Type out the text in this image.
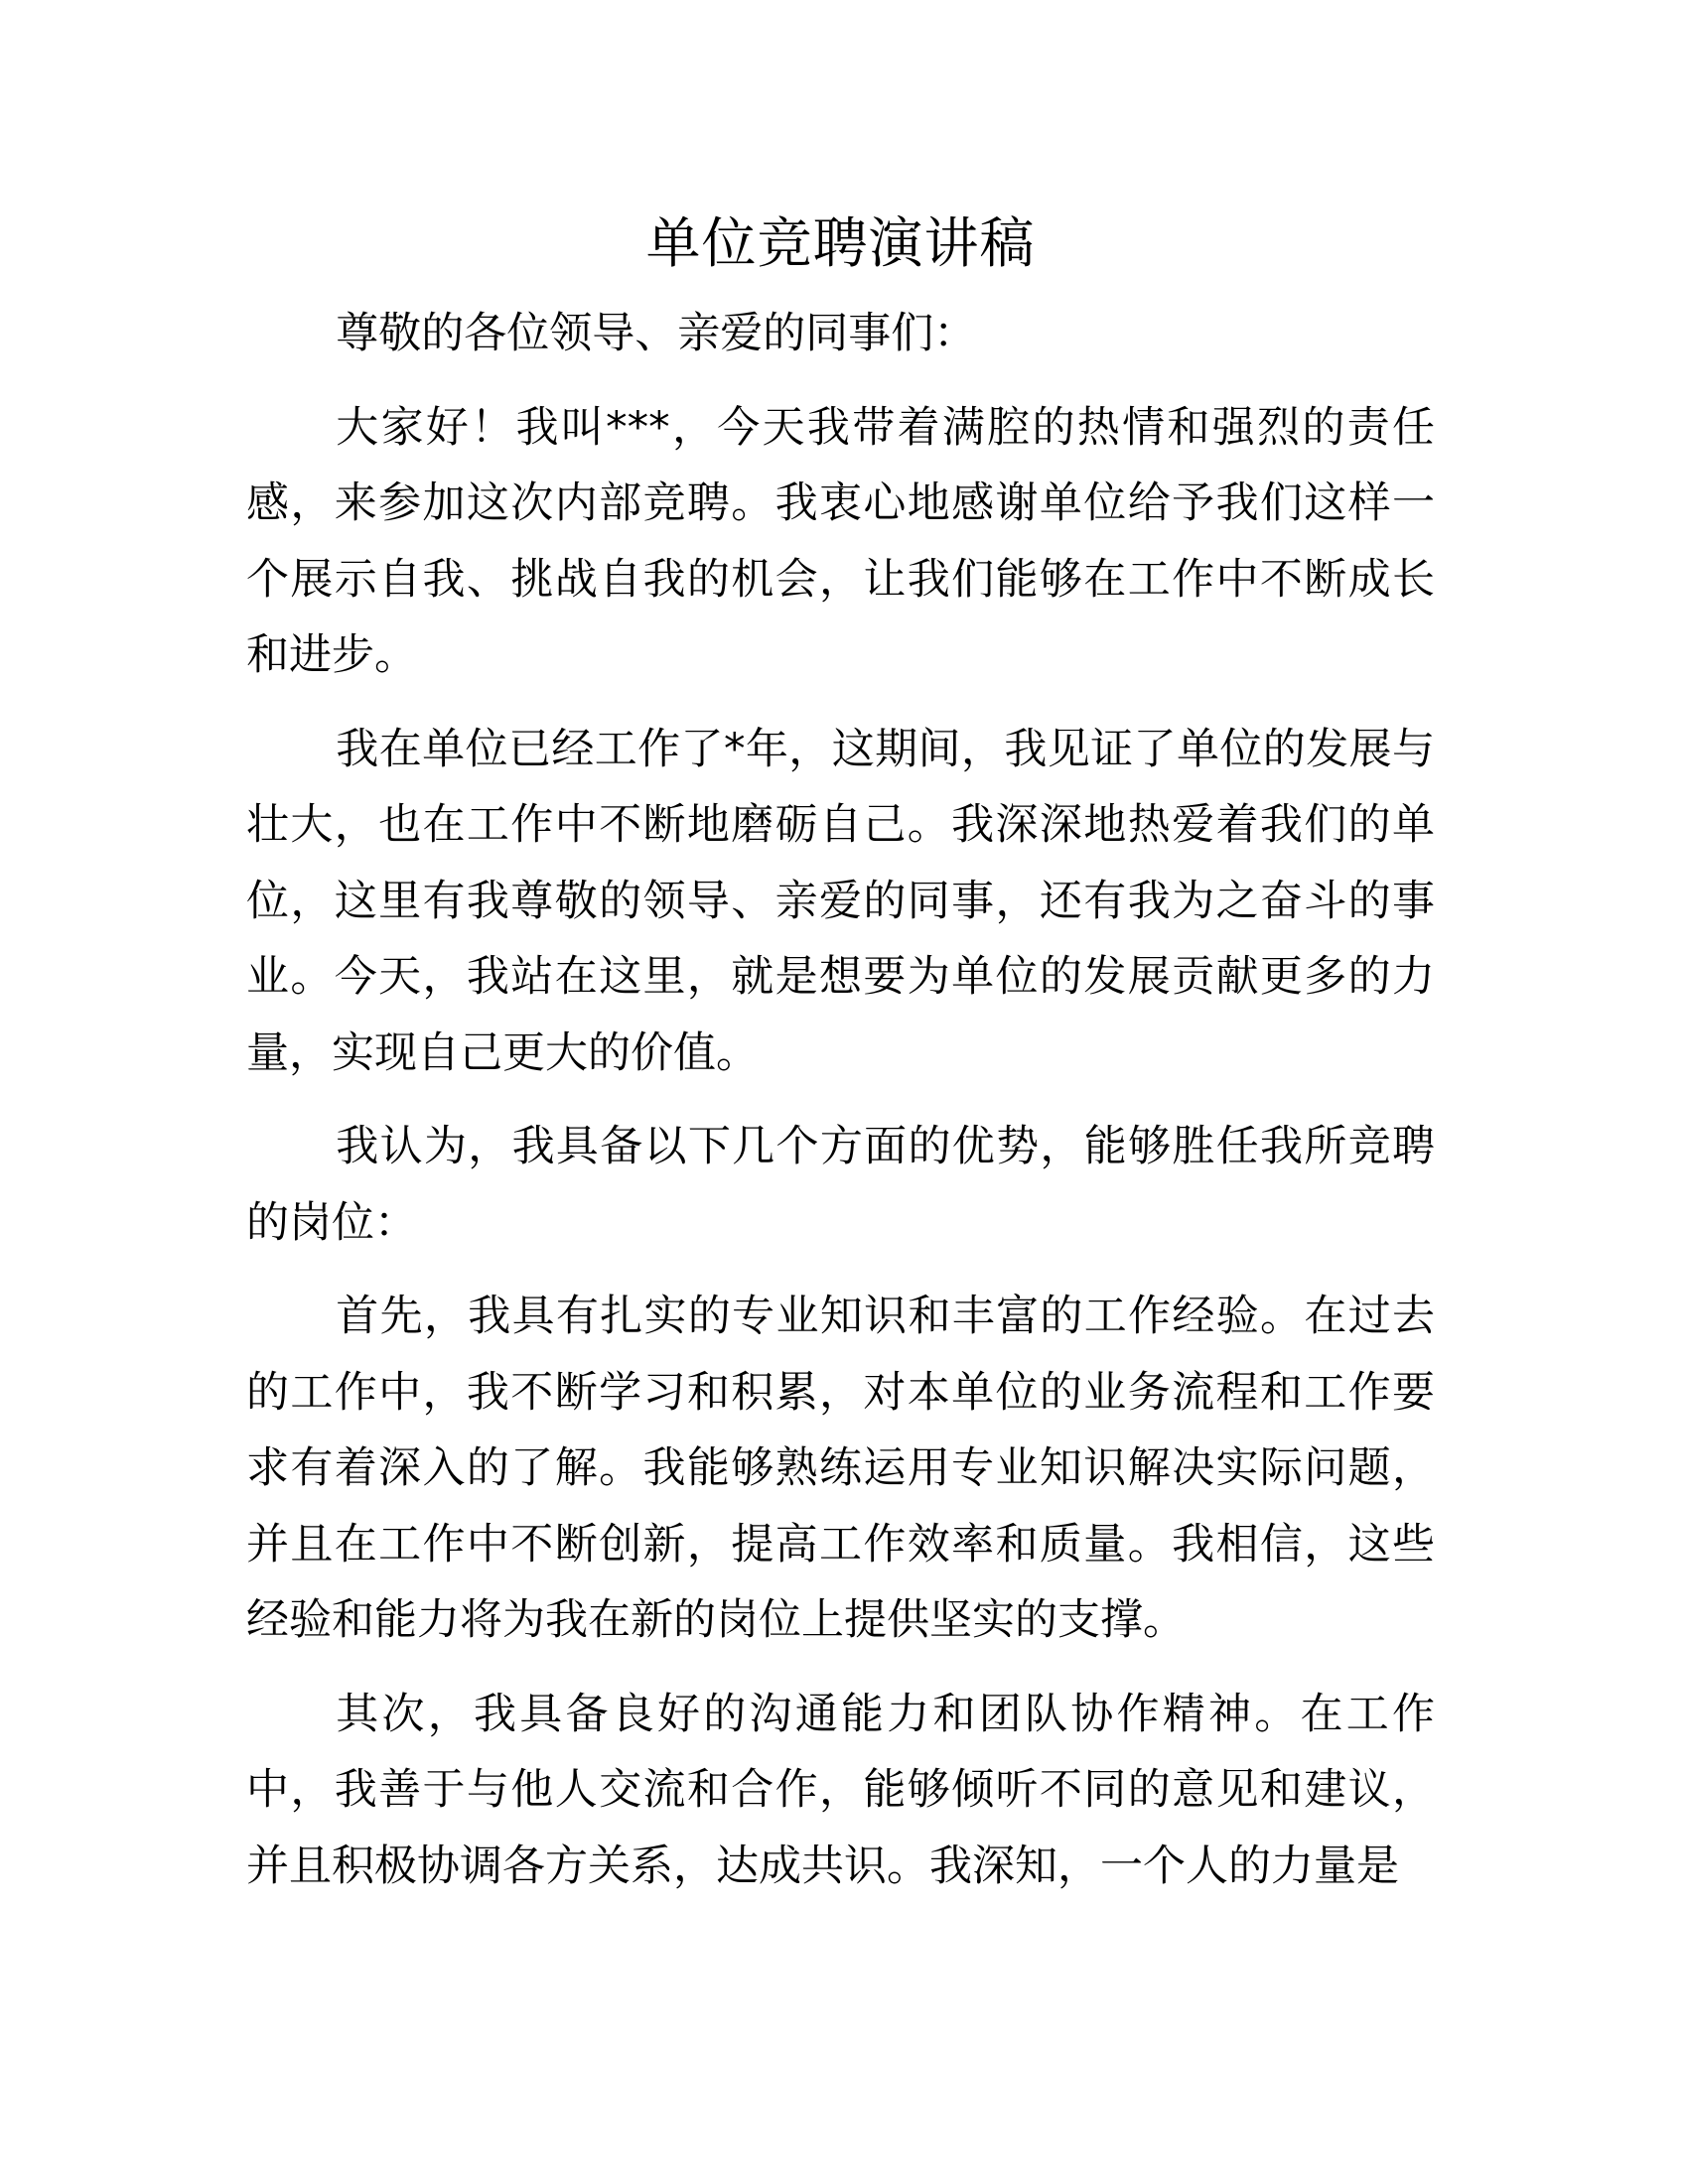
单位竞聘演讲稿

尊敬的各位领导、亲爱的同事们：

大家好！我叫***，今天我带着满腔的热情和强烈的责任感，来参加这次内部竞聘。我衷心地感谢单位给予我们这样一个展示自我、挑战自我的机会，让我们能够在工作中不断成长和进步。

我在单位已经工作了*年，这期间，我见证了单位的发展与壮大，也在工作中不断地磨砺自己。我深深地热爱着我们的单位，这里有我尊敬的领导、亲爱的同事，还有我为之奋斗的事业。今天，我站在这里，就是想要为单位的发展贡献更多的力量，实现自己更大的价值。

我认为，我具备以下几个方面的优势，能够胜任我所竞聘的岗位：

首先，我具有扎实的专业知识和丰富的工作经验。在过去的工作中，我不断学习和积累，对本单位的业务流程和工作要求有着深入的了解。我能够熟练运用专业知识解决实际问题，并且在工作中不断创新，提高工作效率和质量。我相信，这些经验和能力将为我在新的岗位上提供坚实的支撑。

其次，我具备良好的沟通能力和团队协作精神。在工作中，我善于与他人交流和合作，能够倾听不同的意见和建议，并且积极协调各方关系，达成共识。我深知，一个人的力量是
